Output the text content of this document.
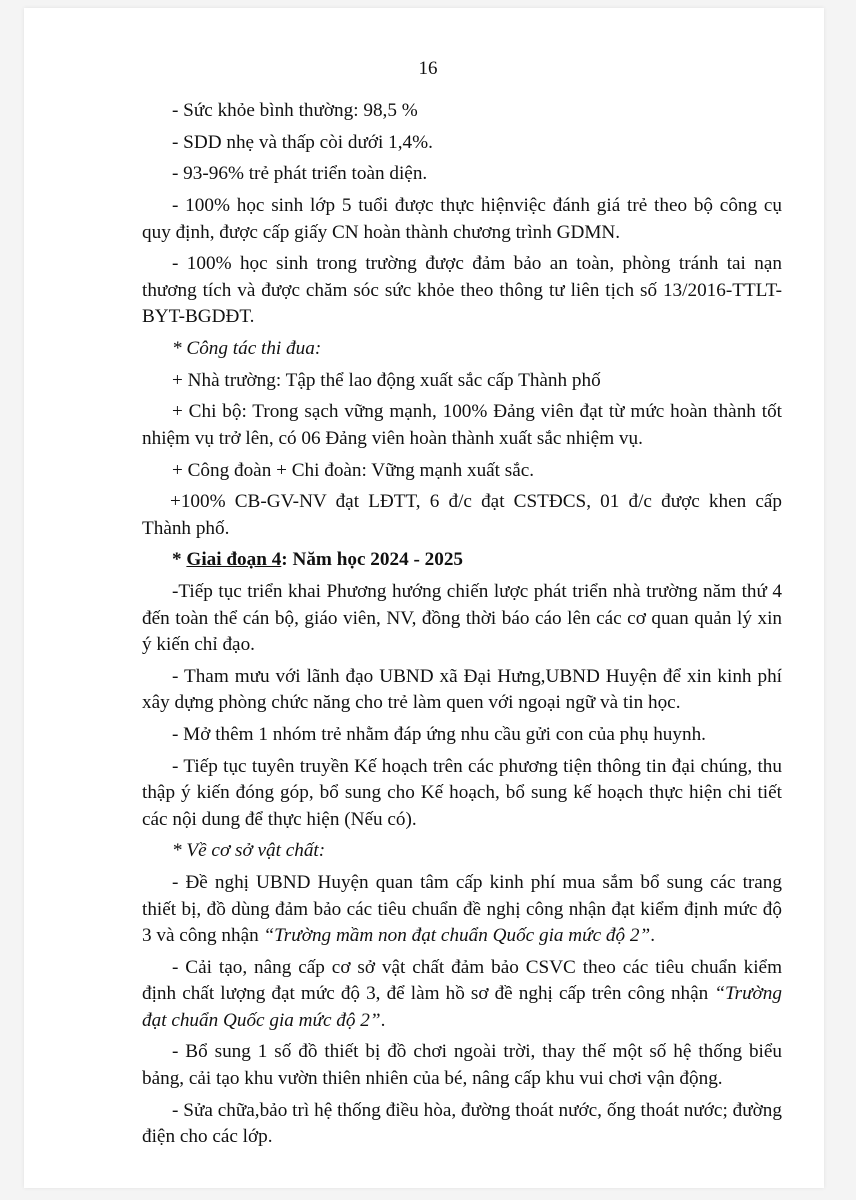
16

- Sức khỏe bình thường: 98,5 %

- SDD nhẹ và thấp còi dưới 1,4%.

- 93-96% trẻ phát triển toàn diện.

- 100% học sinh lớp 5 tuổi được thực hiệnviệc đánh giá trẻ theo bộ công cụ quy định, được cấp giấy CN hoàn thành chương trình GDMN.

- 100% học sinh trong trường được đảm bảo an toàn, phòng tránh tai nạn thương tích và được chăm sóc sức khỏe theo thông tư liên tịch số 13/2016-TTLT-BYT-BGDĐT.

* Công tác thi đua:

+ Nhà trường: Tập thể lao động xuất sắc cấp Thành phố

+ Chi bộ: Trong sạch vững mạnh, 100% Đảng viên đạt từ mức hoàn thành tốt nhiệm vụ trở lên, có 06 Đảng viên hoàn thành xuất sắc nhiệm vụ.

+ Công đoàn + Chi đoàn: Vững mạnh xuất sắc.

+100% CB-GV-NV đạt LĐTT, 6 đ/c đạt CSTĐCS, 01 đ/c được khen cấp Thành phố.

* Giai đoạn 4: Năm học 2024 - 2025

-Tiếp tục triển khai Phương hướng chiến lược phát triển nhà trường năm thứ 4 đến toàn thể cán bộ, giáo viên, NV, đồng thời báo cáo lên các cơ quan quản lý xin ý kiến chỉ đạo.

- Tham mưu với lãnh đạo UBND xã Đại Hưng,UBND Huyện để xin kinh phí xây dựng phòng chức năng cho trẻ làm quen với ngoại ngữ và tin học.

- Mở thêm 1 nhóm trẻ nhằm đáp ứng nhu cầu gửi con của phụ huynh.

- Tiếp tục tuyên truyền Kế hoạch trên các phương tiện thông tin đại chúng, thu thập ý kiến đóng góp, bổ sung cho Kế hoạch, bổ sung kế hoạch thực hiện chi tiết các nội dung để thực hiện (Nếu có).

* Về cơ sở vật chất:

- Đề nghị UBND Huyện quan tâm cấp kinh phí mua sắm bổ sung các trang thiết bị, đồ dùng đảm bảo các tiêu chuẩn đề nghị công nhận đạt kiểm định mức độ 3 và công nhận “Trường mầm non đạt chuẩn Quốc gia mức độ 2”.

- Cải tạo, nâng cấp cơ sở vật chất đảm bảo CSVC theo các tiêu chuẩn kiểm định chất lượng đạt mức độ 3, để làm hồ sơ đề nghị cấp trên công nhận “Trường đạt chuẩn Quốc gia mức độ 2”.

- Bổ sung 1 số đồ thiết bị đồ chơi ngoài trời, thay thế một số hệ thống biểu bảng, cải tạo khu vườn thiên nhiên của bé, nâng cấp khu vui chơi vận động.

- Sửa chữa,bảo trì hệ thống điều hòa, đường thoát nước, ống thoát nước; đường điện cho các lớp.
